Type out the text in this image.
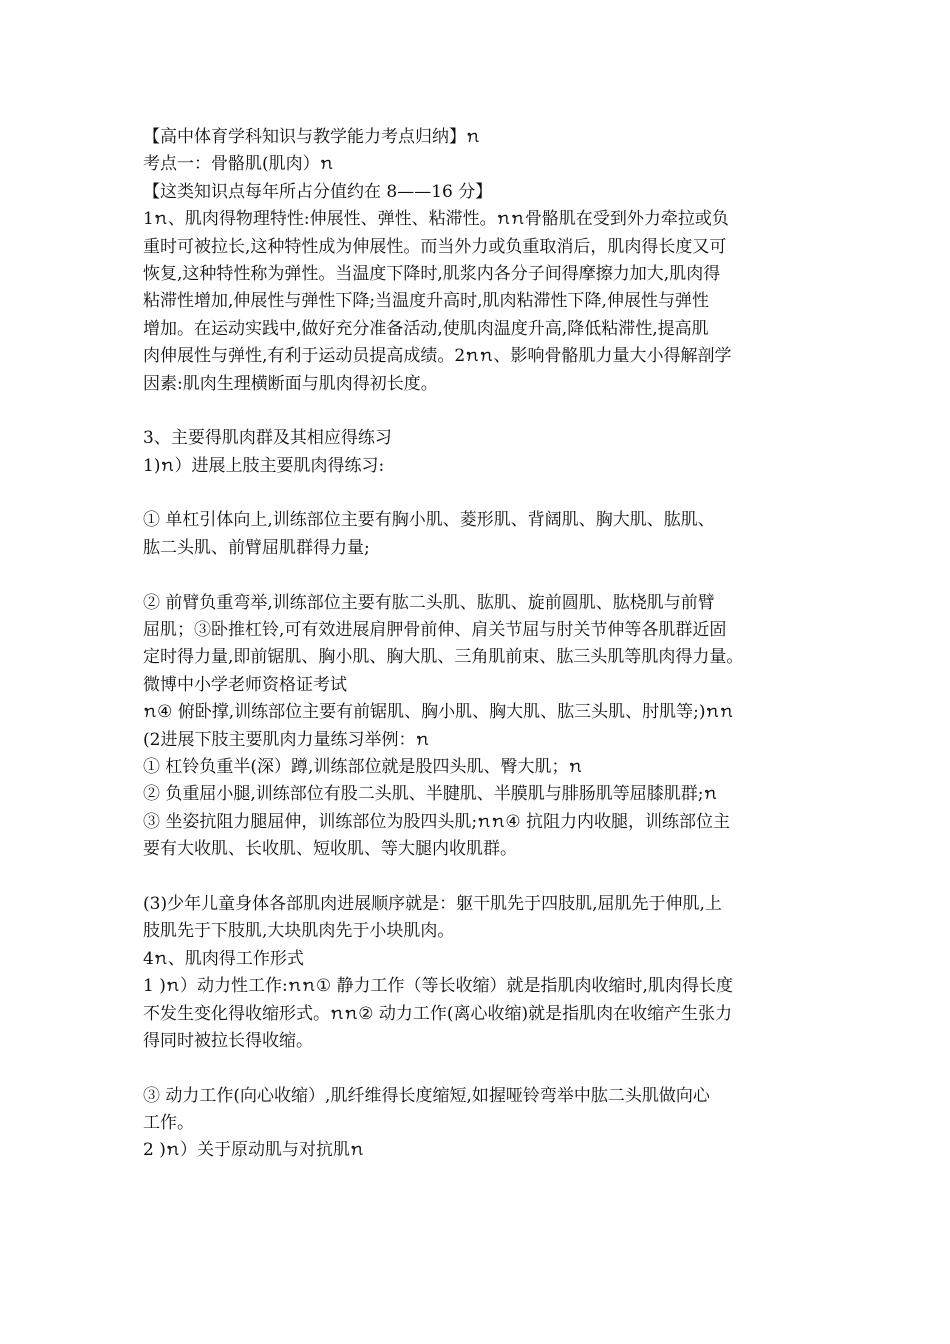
【高中体育学科知识与教学能力考点归纳】ꪦ
考点一：骨骼肌(肌肉）ꪦ
【这类知识点每年所占分值约在 8——16 分】
1ꪦ、肌肉得物理特性:伸展性、弹性、粘滞性。ꪦꪦ骨骼肌在受到外力牵拉或负
重时可被拉长,这种特性成为伸展性。而当外力或负重取消后，肌肉得长度又可
恢复,这种特性称为弹性。当温度下降时,肌浆内各分子间得摩擦力加大,肌肉得
粘滞性增加,伸展性与弹性下降;当温度升高时,肌肉粘滞性下降,伸展性与弹性
增加。在运动实践中,做好充分准备活动,使肌肉温度升高,降低粘滞性,提高肌
肉伸展性与弹性,有利于运动员提高成绩。2ꪦꪦ、影响骨骼肌力量大小得解剖学
因素:肌肉生理横断面与肌肉得初长度。
3、主要得肌肉群及其相应得练习
1)ꪦ）进展上肢主要肌肉得练习:
① 单杠引体向上,训练部位主要有胸小肌、菱形肌、背阔肌、胸大肌、肱肌、
肱二头肌、前臂屈肌群得力量;
② 前臂负重弯举,训练部位主要有肱二头肌、肱肌、旋前圆肌、肱桡肌与前臂
屈肌；③卧推杠铃,可有效进展肩胛骨前伸、肩关节屈与肘关节伸等各肌群近固
定时得力量,即前锯肌、胸小肌、胸大肌、三角肌前束、肱三头肌等肌肉得力量。
微博中小学老师资格证考试
ꪦ④ 俯卧撑,训练部位主要有前锯肌、胸小肌、胸大肌、肱三头肌、肘肌等;)ꪦꪦ
(2进展下肢主要肌肉力量练习举例：ꪦ
① 杠铃负重半(深）蹲,训练部位就是股四头肌、臀大肌；ꪦ
② 负重屈小腿,训练部位有股二头肌、半腱肌、半膜肌与腓肠肌等屈膝肌群;ꪦ
③ 坐姿抗阻力腿屈伸，训练部位为股四头肌;ꪦꪦ④ 抗阻力内收腿，训练部位主
要有大收肌、长收肌、短收肌、等大腿内收肌群。
(3)少年儿童身体各部肌肉进展顺序就是：躯干肌先于四肢肌,屈肌先于伸肌,上
肢肌先于下肢肌,大块肌肉先于小块肌肉。
4ꪦ、肌肉得工作形式
1 )ꪦ）动力性工作:ꪦꪦ① 静力工作（等长收缩）就是指肌肉收缩时,肌肉得长度
不发生变化得收缩形式。ꪦꪦ② 动力工作(离心收缩)就是指肌肉在收缩产生张力
得同时被拉长得收缩。
③ 动力工作(向心收缩）,肌纤维得长度缩短,如握哑铃弯举中肱二头肌做向心
工作。
2 )ꪦ）关于原动肌与对抗肌ꪦ
